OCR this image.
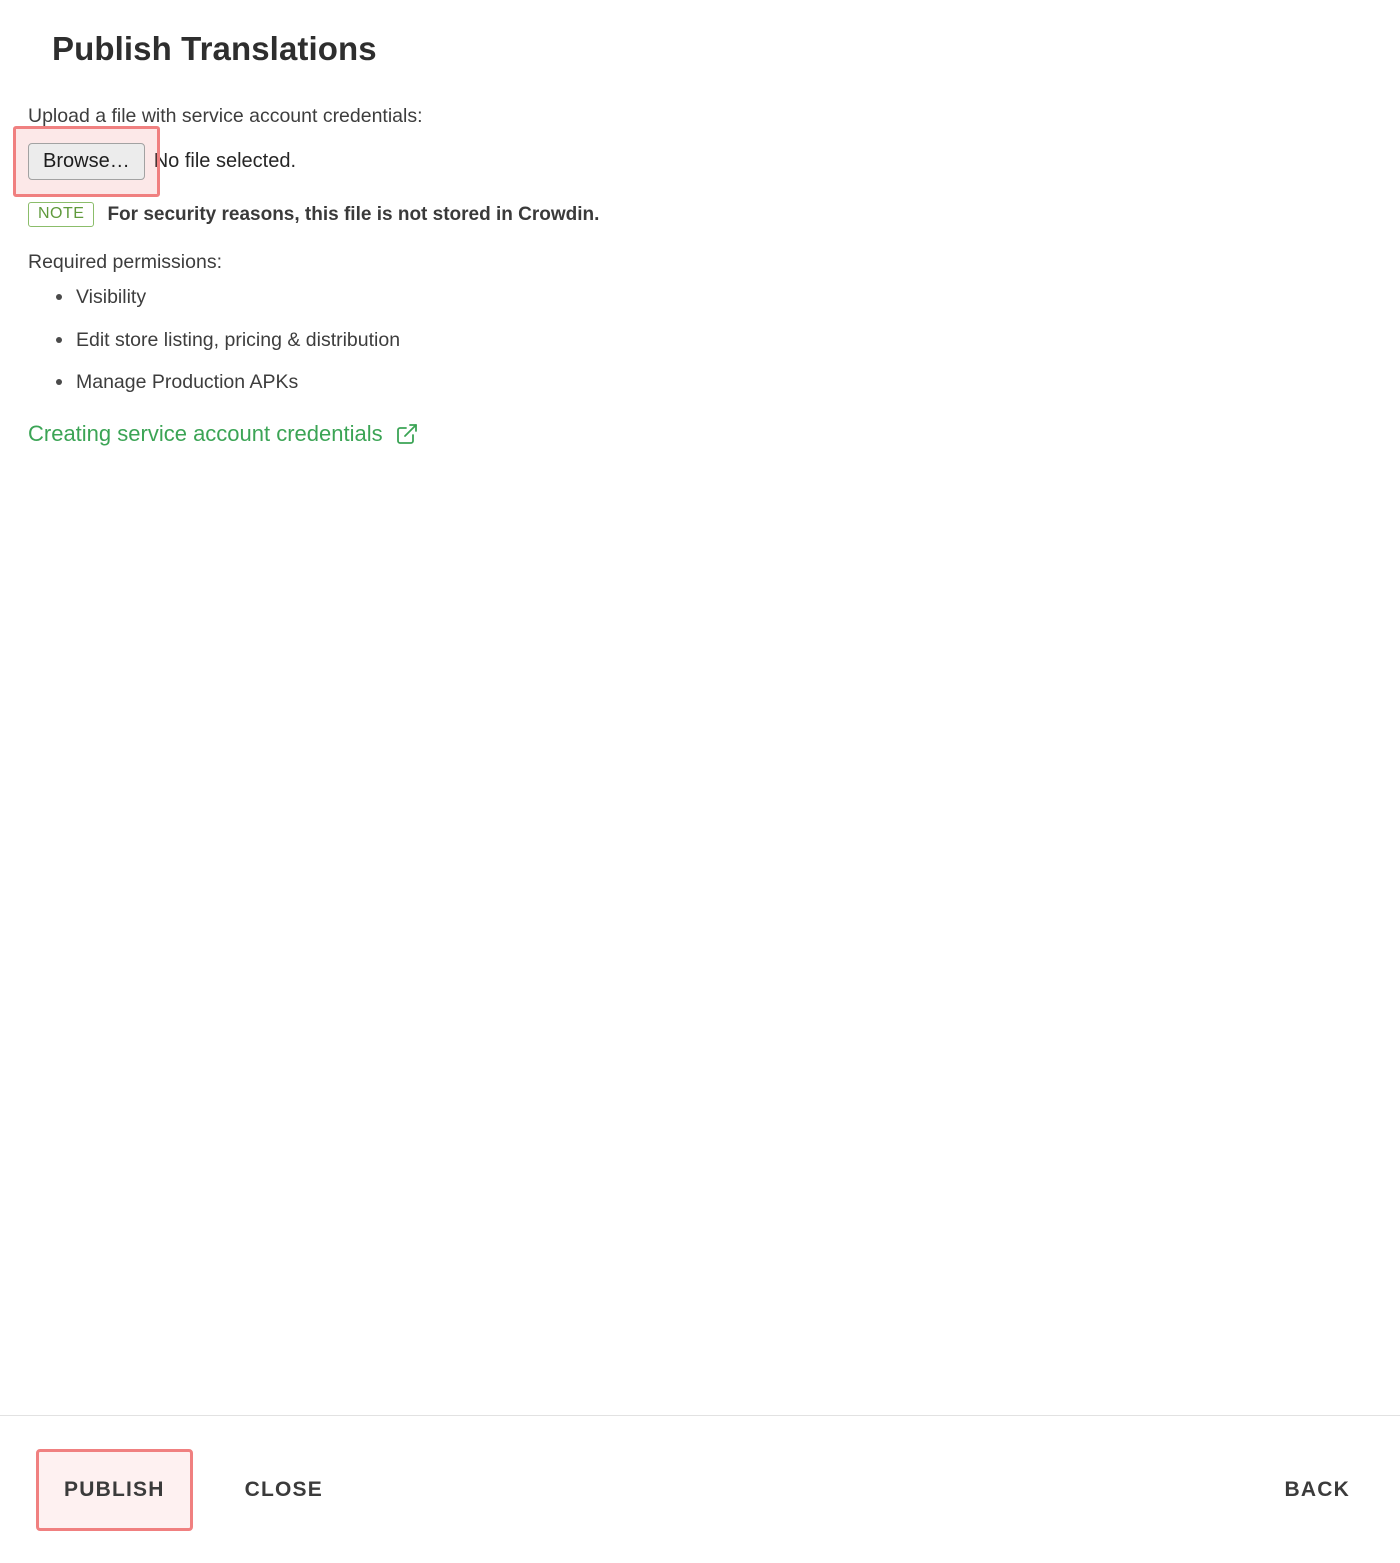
Publish Translations

Upload a file with service account credentials:

Browse…	No file selected.
NOTE	For security reasons, this file is not stored in Crowdin.

Required permissions:

Visibility
Edit store listing, pricing & distribution
Manage Production APKs
Creating service account credentials
PUBLISH	CLOSE	BACK
